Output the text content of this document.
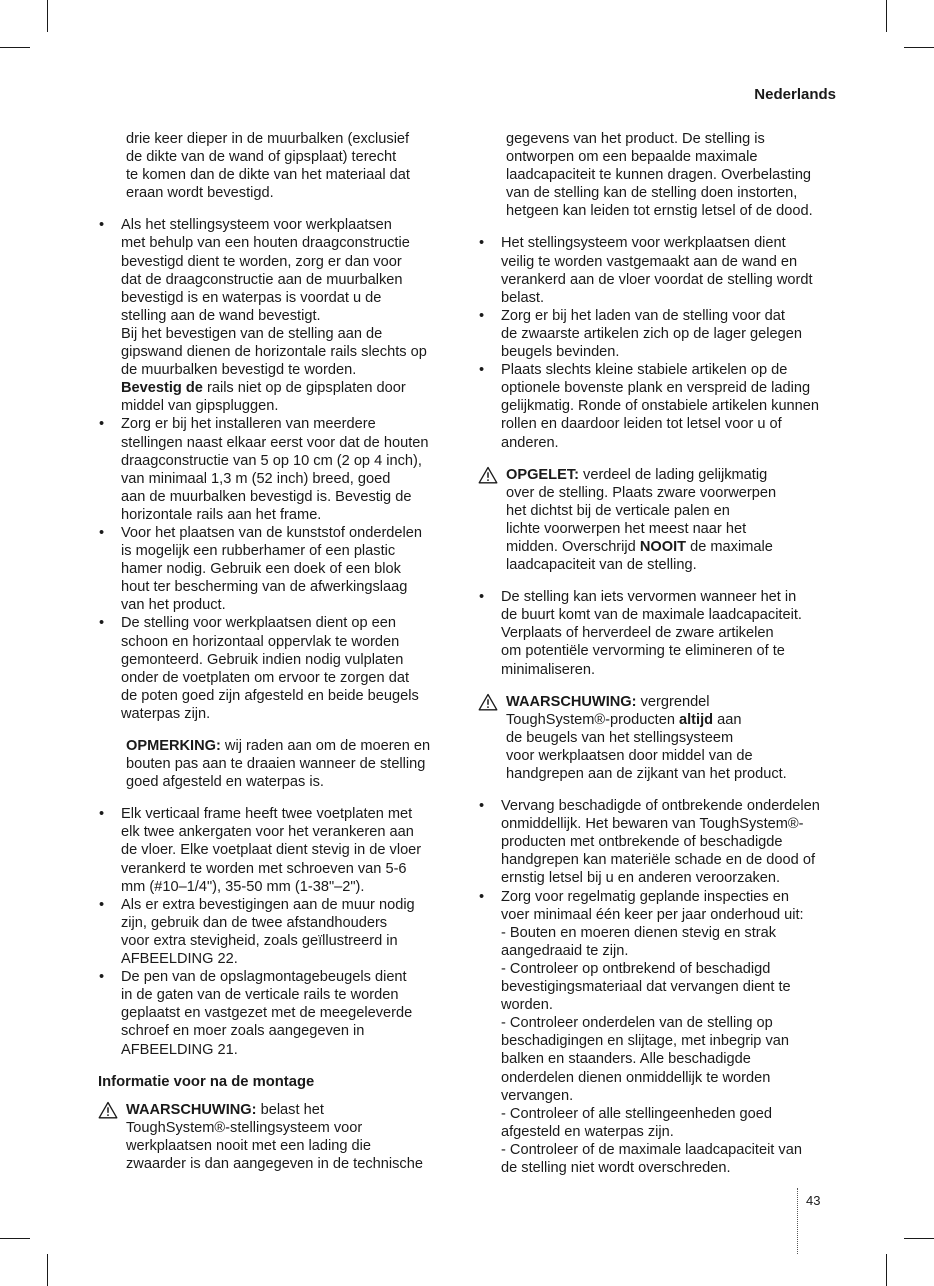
Nederlands
drie keer dieper in de muurbalken (exclusief
de dikte van de wand of gipsplaat) terecht
te komen dan de dikte van het materiaal dat
eraan wordt bevestigd.
• Als het stellingsysteem voor werkplaatsen
met behulp van een houten draagconstructie
bevestigd dient te worden, zorg er dan voor
dat de draagconstructie aan de muurbalken
bevestigd is en waterpas is voordat u de
stelling aan de wand bevestigt.
Bij het bevestigen van de stelling aan de
gipswand dienen de horizontale rails slechts op
de muurbalken bevestigd te worden.
Bevestig de rails niet op de gipsplaten door
middel van gipspluggen.
• Zorg er bij het installeren van meerdere
stellingen naast elkaar eerst voor dat de houten
draagconstructie van 5 op 10 cm (2 op 4 inch),
van minimaal 1,3 m (52 inch) breed, goed
aan de muurbalken bevestigd is. Bevestig de
horizontale rails aan het frame.
• Voor het plaatsen van de kunststof onderdelen
is mogelijk een rubberhamer of een plastic
hamer nodig. Gebruik een doek of een blok
hout ter bescherming van de afwerkingslaag
van het product.
• De stelling voor werkplaatsen dient op een
schoon en horizontaal oppervlak te worden
gemonteerd. Gebruik indien nodig vulplaten
onder de voetplaten om ervoor te zorgen dat
de poten goed zijn afgesteld en beide beugels
waterpas zijn.
OPMERKING: wij raden aan om de moeren en
bouten pas aan te draaien wanneer de stelling
goed afgesteld en waterpas is.
• Elk verticaal frame heeft twee voetplaten met
elk twee ankergaten voor het verankeren aan
de vloer. Elke voetplaat dient stevig in de vloer
verankerd te worden met schroeven van 5-6
mm (#10–1/4"), 35-50 mm (1-38"–2").
• Als er extra bevestigingen aan de muur nodig
zijn, gebruik dan de twee afstandhouders
voor extra stevigheid, zoals geïllustreerd in
AFBEELDING 22.
• De pen van de opslagmontagebeugels dient
in de gaten van de verticale rails te worden
geplaatst en vastgezet met de meegeleverde
schroef en moer zoals aangegeven in
AFBEELDING 21.
Informatie voor na de montage
WAARSCHUWING: belast het
ToughSystem®-stellingsysteem voor
werkplaatsen nooit met een lading die
zwaarder is dan aangegeven in de technische
gegevens van het product. De stelling is
ontworpen om een bepaalde maximale
laadcapaciteit te kunnen dragen. Overbelasting
van de stelling kan de stelling doen instorten,
hetgeen kan leiden tot ernstig letsel of de dood.
• Het stellingsysteem voor werkplaatsen dient
veilig te worden vastgemaakt aan de wand en
verankerd aan de vloer voordat de stelling wordt
belast.
• Zorg er bij het laden van de stelling voor dat
de zwaarste artikelen zich op de lager gelegen
beugels bevinden.
• Plaats slechts kleine stabiele artikelen op de
optionele bovenste plank en verspreid de lading
gelijkmatig. Ronde of onstabiele artikelen kunnen
rollen en daardoor leiden tot letsel voor u of
anderen.
OPGELET: verdeel de lading gelijkmatig
over de stelling. Plaats zware voorwerpen
het dichtst bij de verticale palen en
lichte voorwerpen het meest naar het
midden. Overschrijd NOOIT de maximale
laadcapaciteit van de stelling.
• De stelling kan iets vervormen wanneer het in
de buurt komt van de maximale laadcapaciteit.
Verplaats of herverdeel de zware artikelen
om potentiële vervorming te elimineren of te
minimaliseren.
WAARSCHUWING: vergrendel
ToughSystem®-producten altijd aan
de beugels van het stellingsysteem
voor werkplaatsen door middel van de
handgrepen aan de zijkant van het product.
• Vervang beschadigde of ontbrekende onderdelen
onmiddellijk. Het bewaren van ToughSystem®-
producten met ontbrekende of beschadigde
handgrepen kan materiële schade en de dood of
ernstig letsel bij u en anderen veroorzaken.
• Zorg voor regelmatig geplande inspecties en
voer minimaal één keer per jaar onderhoud uit:
- Bouten en moeren dienen stevig en strak
aangedraaid te zijn.
- Controleer op ontbrekend of beschadigd
bevestigingsmateriaal dat vervangen dient te
worden.
- Controleer onderdelen van de stelling op
beschadigingen en slijtage, met inbegrip van
balken en staanders. Alle beschadigde
onderdelen dienen onmiddellijk te worden
vervangen.
- Controleer of alle stellingeenheden goed
afgesteld en waterpas zijn.
- Controleer of de maximale laadcapaciteit van
de stelling niet wordt overschreden.
43
